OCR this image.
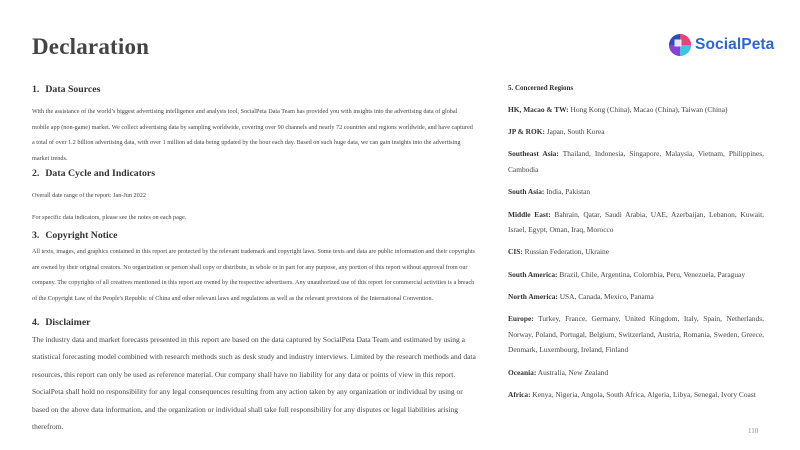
Declaration	SocialPeta
1. Data Sources

With the assistance of the world’s biggest advertising intelligence and analysis tool, SocialPeta Data Team has provided you with insights into the advertising data of global mobile app (non-game) market. We collect advertising data by sampling worldwide, covering over 90 channels and nearly 72 countries and regions worldwide, and have captured a total of over 1.2 billion advertising data, with over 1 million ad data being updated by the hour each day. Based on such huge data, we can gain insights into the advertising market trends.

2. Data Cycle and Indicators

Overall date range of the report: Jan-Jun 2022

For specific data indicators, please see the notes on each page.

3. Copyright Notice

All texts, images, and graphics contained in this report are protected by the relevant trademark and copyright laws. Some texts and data are public information and their copyrights are owned by their original creators. No organization or person shall copy or distribute, in whole or in part for any purpose, any portion of this report without approval from our company. The copyrights of all creatives mentioned in this report are owned by the respective advertisers. Any unauthorized use of this report for commercial activities is a breach of the Copyright Law of the People's Republic of China and other relevant laws and regulations as well as the relevant provisions of the International Convention.

4. Disclaimer

The industry data and market forecasts presented in this report are based on the data captured by SocialPeta Data Team and estimated by using a statistical forecasting model combined with research methods such as desk study and industry interviews. Limited by the research methods and data resources, this report can only be used as reference material. Our company shall have no liability for any data or points of view in this report. SocialPeta shall hold no responsibility for any legal consequences resulting from any action taken by any organization or individual by using or based on the above data information, and the organization or individual shall take full responsibility for any disputes or legal liabilities arising therefrom.

5. Concerned Regions
HK, Macao & TW: Hong Kong (China), Macao (China), Taiwan (China)
JP & ROK: Japan, South Korea
Southeast Asia: Thailand, Indonesia, Singapore, Malaysia, Vietnam, Philippines, Cambodia
South Asia: India, Pakistan
Middle East: Bahrain, Qatar, Saudi Arabia, UAE, Azerbaijan, Lebanon, Kuwait, Israel, Egypt, Oman, Iraq, Morocco
CIS: Russian Federation, Ukraine
South America: Brazil, Chile, Argentina, Colombia, Peru, Venezuela, Paraguay
North America: USA, Canada, Mexico, Panama
Europe: Turkey, France, Germany, United Kingdom, Italy, Spain, Netherlands, Norway, Poland, Portugal, Belgium, Switzerland, Austria, Romania, Sweden, Greece, Denmark, Luxembourg, Ireland, Finland
Oceania: Australia, New Zealand
Africa: Kenya, Nigeria, Angola, South Africa, Algeria, Libya, Senegal, Ivory Coast
110
